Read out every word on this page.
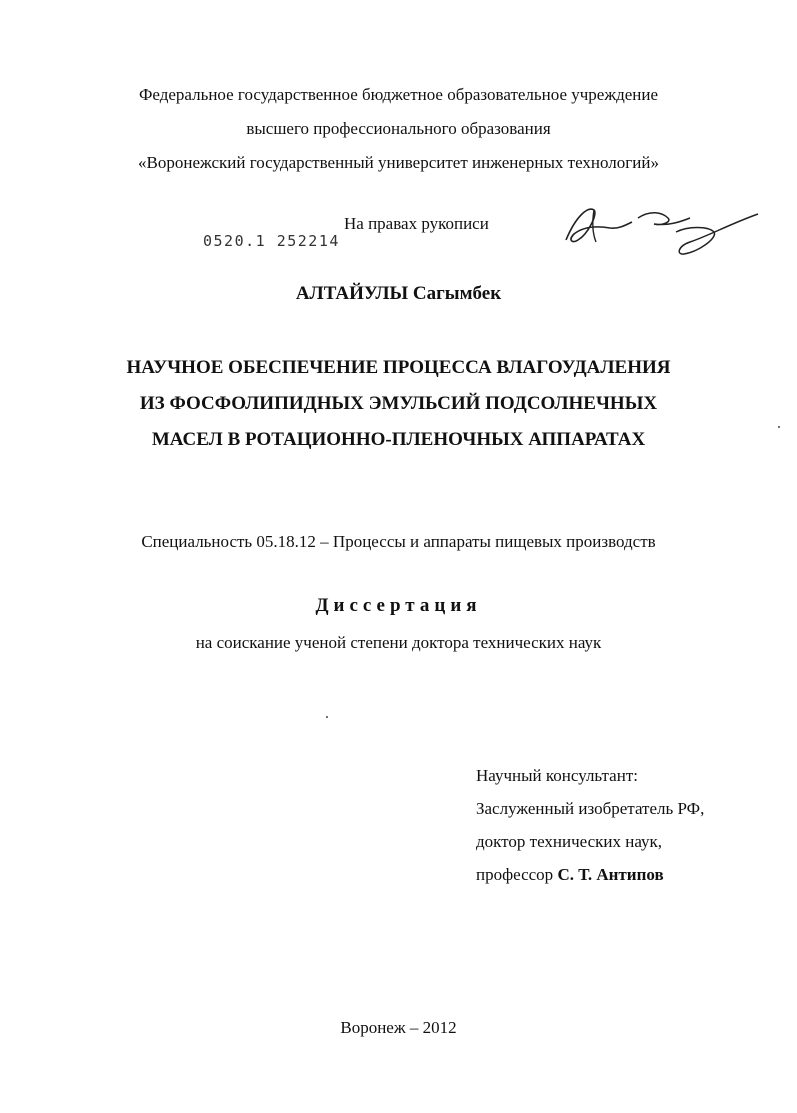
Федеральное государственное бюджетное образовательное учреждение
высшего профессионального образования
«Воронежский государственный университет инженерных технологий»
0520.1 252214
На правах рукописи
АЛТАЙУЛЫ Сагымбек
НАУЧНОЕ ОБЕСПЕЧЕНИЕ ПРОЦЕССА ВЛАГОУДАЛЕНИЯ
ИЗ ФОСФОЛИПИДНЫХ ЭМУЛЬСИЙ ПОДСОЛНЕЧНЫХ
МАСЕЛ В РОТАЦИОННО-ПЛЕНОЧНЫХ АППАРАТАХ
Специальность 05.18.12 – Процессы и аппараты пищевых производств
Диссертация
на соискание ученой степени доктора технических наук
Научный консультант:
Заслуженный изобретатель РФ,
доктор технических наук,
профессор С. Т. Антипов
Воронеж – 2012
